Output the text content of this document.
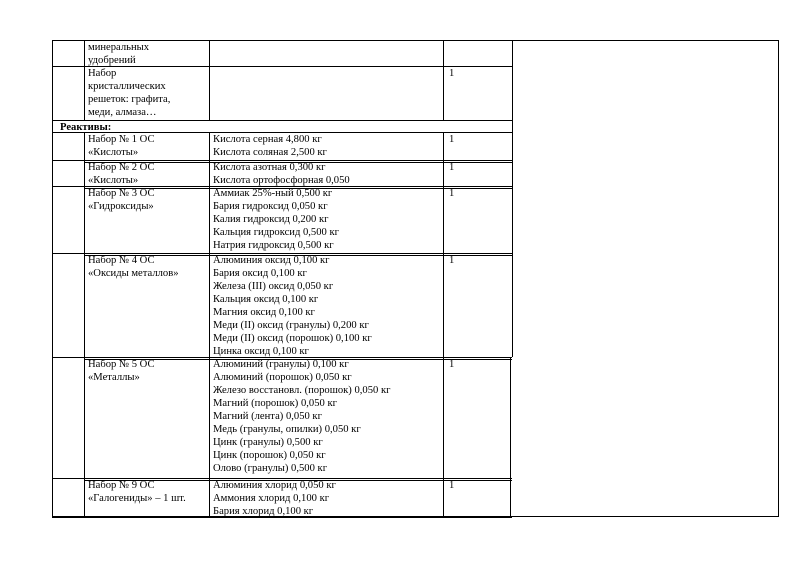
минеральных
удобрений
Набор
кристаллических
решеток: графита,
меди, алмаза…
1
Реактивы:
Набор № 1 ОС
«Кислоты»
Кислота серная 4,800 кг
Кислота соляная 2,500 кг
1
Набор № 2 ОС
«Кислоты»
Кислота азотная 0,300 кг
Кислота ортофосфорная 0,050
1
Набор № 3 ОС
«Гидроксиды»
Аммиак 25%-ный 0,500 кг
Бария гидроксид 0,050 кг
Калия гидроксид 0,200 кг
Кальция гидроксид 0,500 кг
Натрия гидроксид 0,500 кг
1
Набор № 4 ОС
«Оксиды металлов»
Алюминия оксид 0,100 кг
Бария оксид 0,100 кг
Железа (III) оксид 0,050 кг
Кальция оксид 0,100 кг
Магния оксид 0,100 кг
Меди (II) оксид (гранулы) 0,200 кг
Меди (II) оксид (порошок) 0,100 кг
Цинка оксид 0,100 кг
1
Набор № 5 ОС
«Металлы»
Алюминий (гранулы) 0,100 кг
Алюминий (порошок) 0,050 кг
Железо восстановл. (порошок) 0,050 кг
Магний (порошок) 0,050 кг
Магний (лента) 0,050 кг
Медь (гранулы, опилки) 0,050 кг
Цинк (гранулы) 0,500 кг
Цинк (порошок) 0,050 кг
Олово (гранулы) 0,500 кг
1
Набор № 9 ОС
«Галогениды» – 1 шт.
Алюминия хлорид 0,050 кг
Аммония хлорид 0,100 кг
Бария хлорид 0,100 кг
1
